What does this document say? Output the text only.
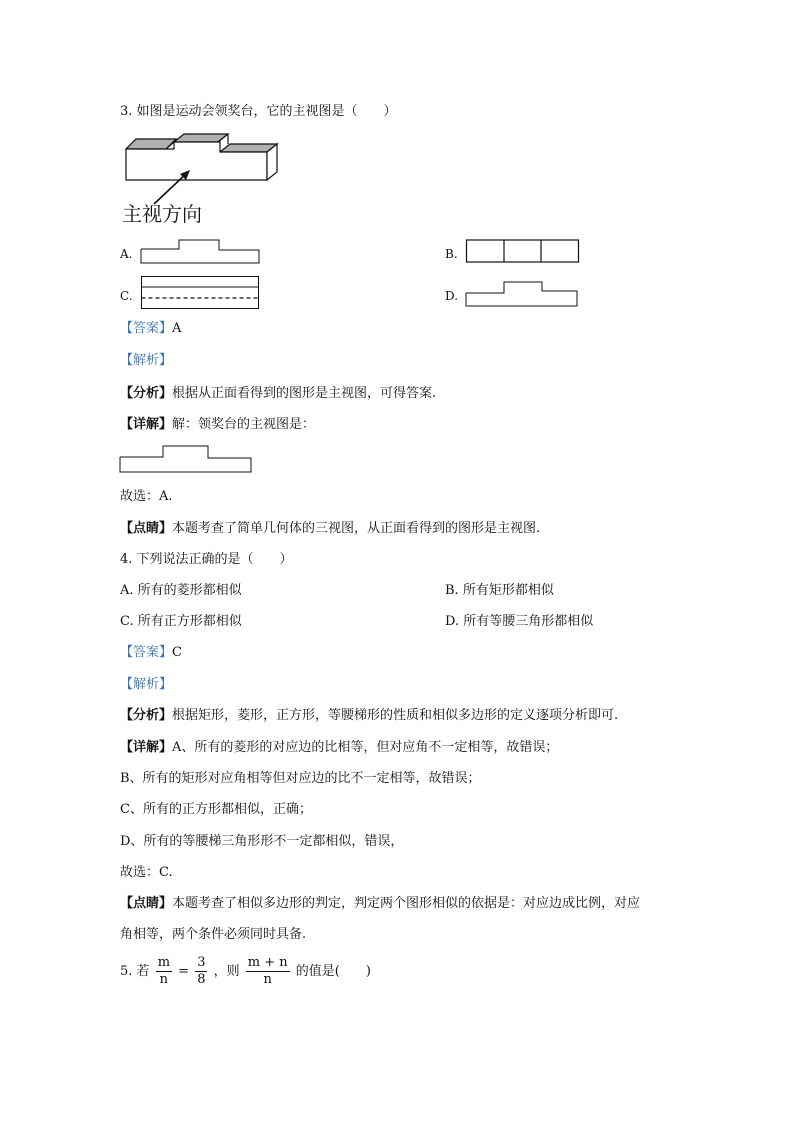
3. 如图是运动会领奖台，它的主视图是（　　）
主视方向
A.	B.
C.	D.
【答案】A
【解析】
【分析】根据从正面看得到的图形是主视图，可得答案.
【详解】解：领奖台的主视图是：
故选：A.
【点睛】本题考查了简单几何体的三视图，从正面看得到的图形是主视图.
4. 下列说法正确的是（　　）
A. 所有的菱形都相似	B. 所有矩形都相似
C. 所有正方形都相似	D. 所有等腰三角形都相似
【答案】C
【解析】
【分析】根据矩形，菱形，正方形，等腰梯形的性质和相似多边形的定义逐项分析即可.
【详解】A、所有的菱形的对应边的比相等，但对应角不一定相等，故错误；
B、所有的矩形对应角相等但对应边的比不一定相等，故错误；
C、所有的正方形都相似，正确；
D、所有的等腰梯三角形形不一定都相似，错误，
故选：C.
【点睛】本题考查了相似多边形的判定，判定两个图形相似的依据是：对应边成比例，对应
角相等，两个条件必须同时具备.
5. 若 $\frac{m}{n} = \frac{3}{8}$ ，则 $\frac{m + n}{n}$ 的值是(　　)
